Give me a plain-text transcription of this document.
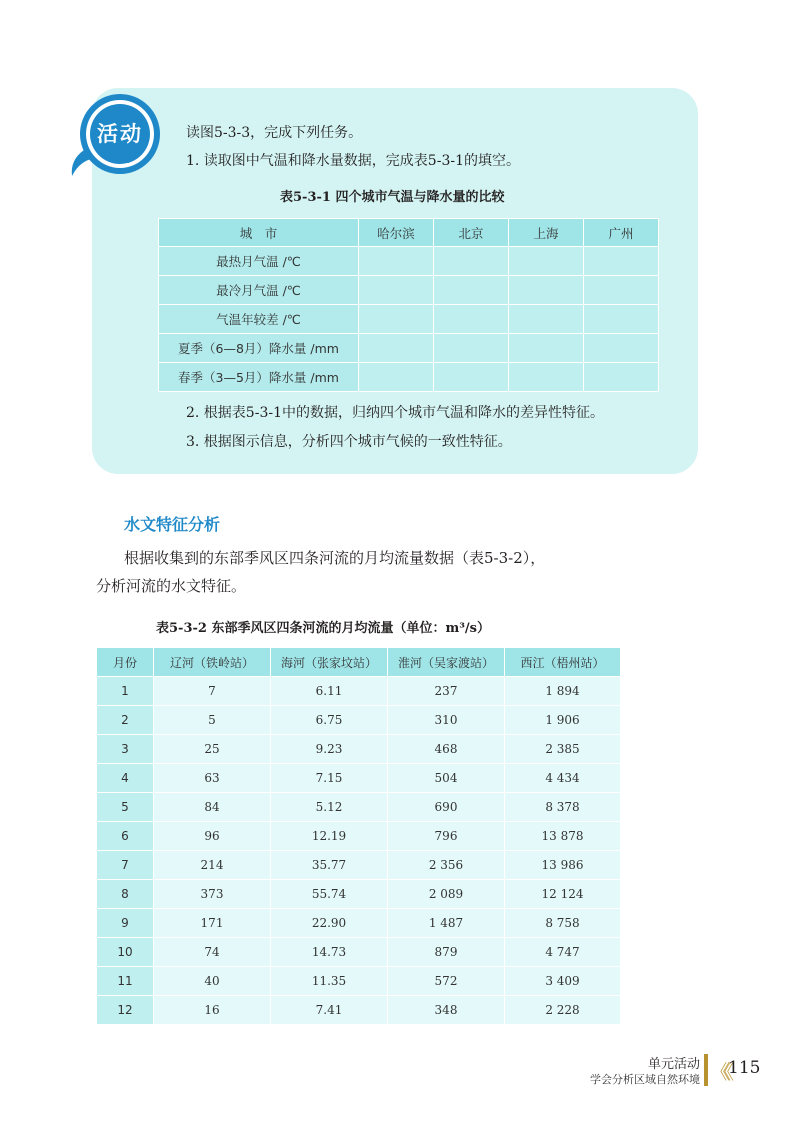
活动	读图5-3-3，完成下列任务。
1. 读取图中气温和降水量数据，完成表5-3-1的填空。
表5-3-1 四个城市气温与降水量的比较
城　市	哈尔滨	北京	上海	广州
最热月气温 /℃				
最冷月气温 /℃				
气温年较差 /℃				
夏季（6—8月）降水量 /mm				
春季（3—5月）降水量 /mm				
2. 根据表5-3-1中的数据，归纳四个城市气温和降水的差异性特征。
3. 根据图示信息，分析四个城市气候的一致性特征。
水文特征分析
根据收集到的东部季风区四条河流的月均流量数据（表5-3-2），
分析河流的水文特征。
表5-3-2 东部季风区四条河流的月均流量（单位：m³/s）
月份	辽河（铁岭站）	海河（张家坟站）	淮河（吴家渡站）	西江（梧州站）
1	7	6.11	237	1 894
2	5	6.75	310	1 906
3	25	9.23	468	2 385
4	63	7.15	504	4 434
5	84	5.12	690	8 378
6	96	12.19	796	13 878
7	214	35.77	2 356	13 986
8	373	55.74	2 089	12 124
9	171	22.90	1 487	8 758
10	74	14.73	879	4 747
11	40	11.35	572	3 409
12	16	7.41	348	2 228
单元活动
学会分析区域自然环境 《《 115
